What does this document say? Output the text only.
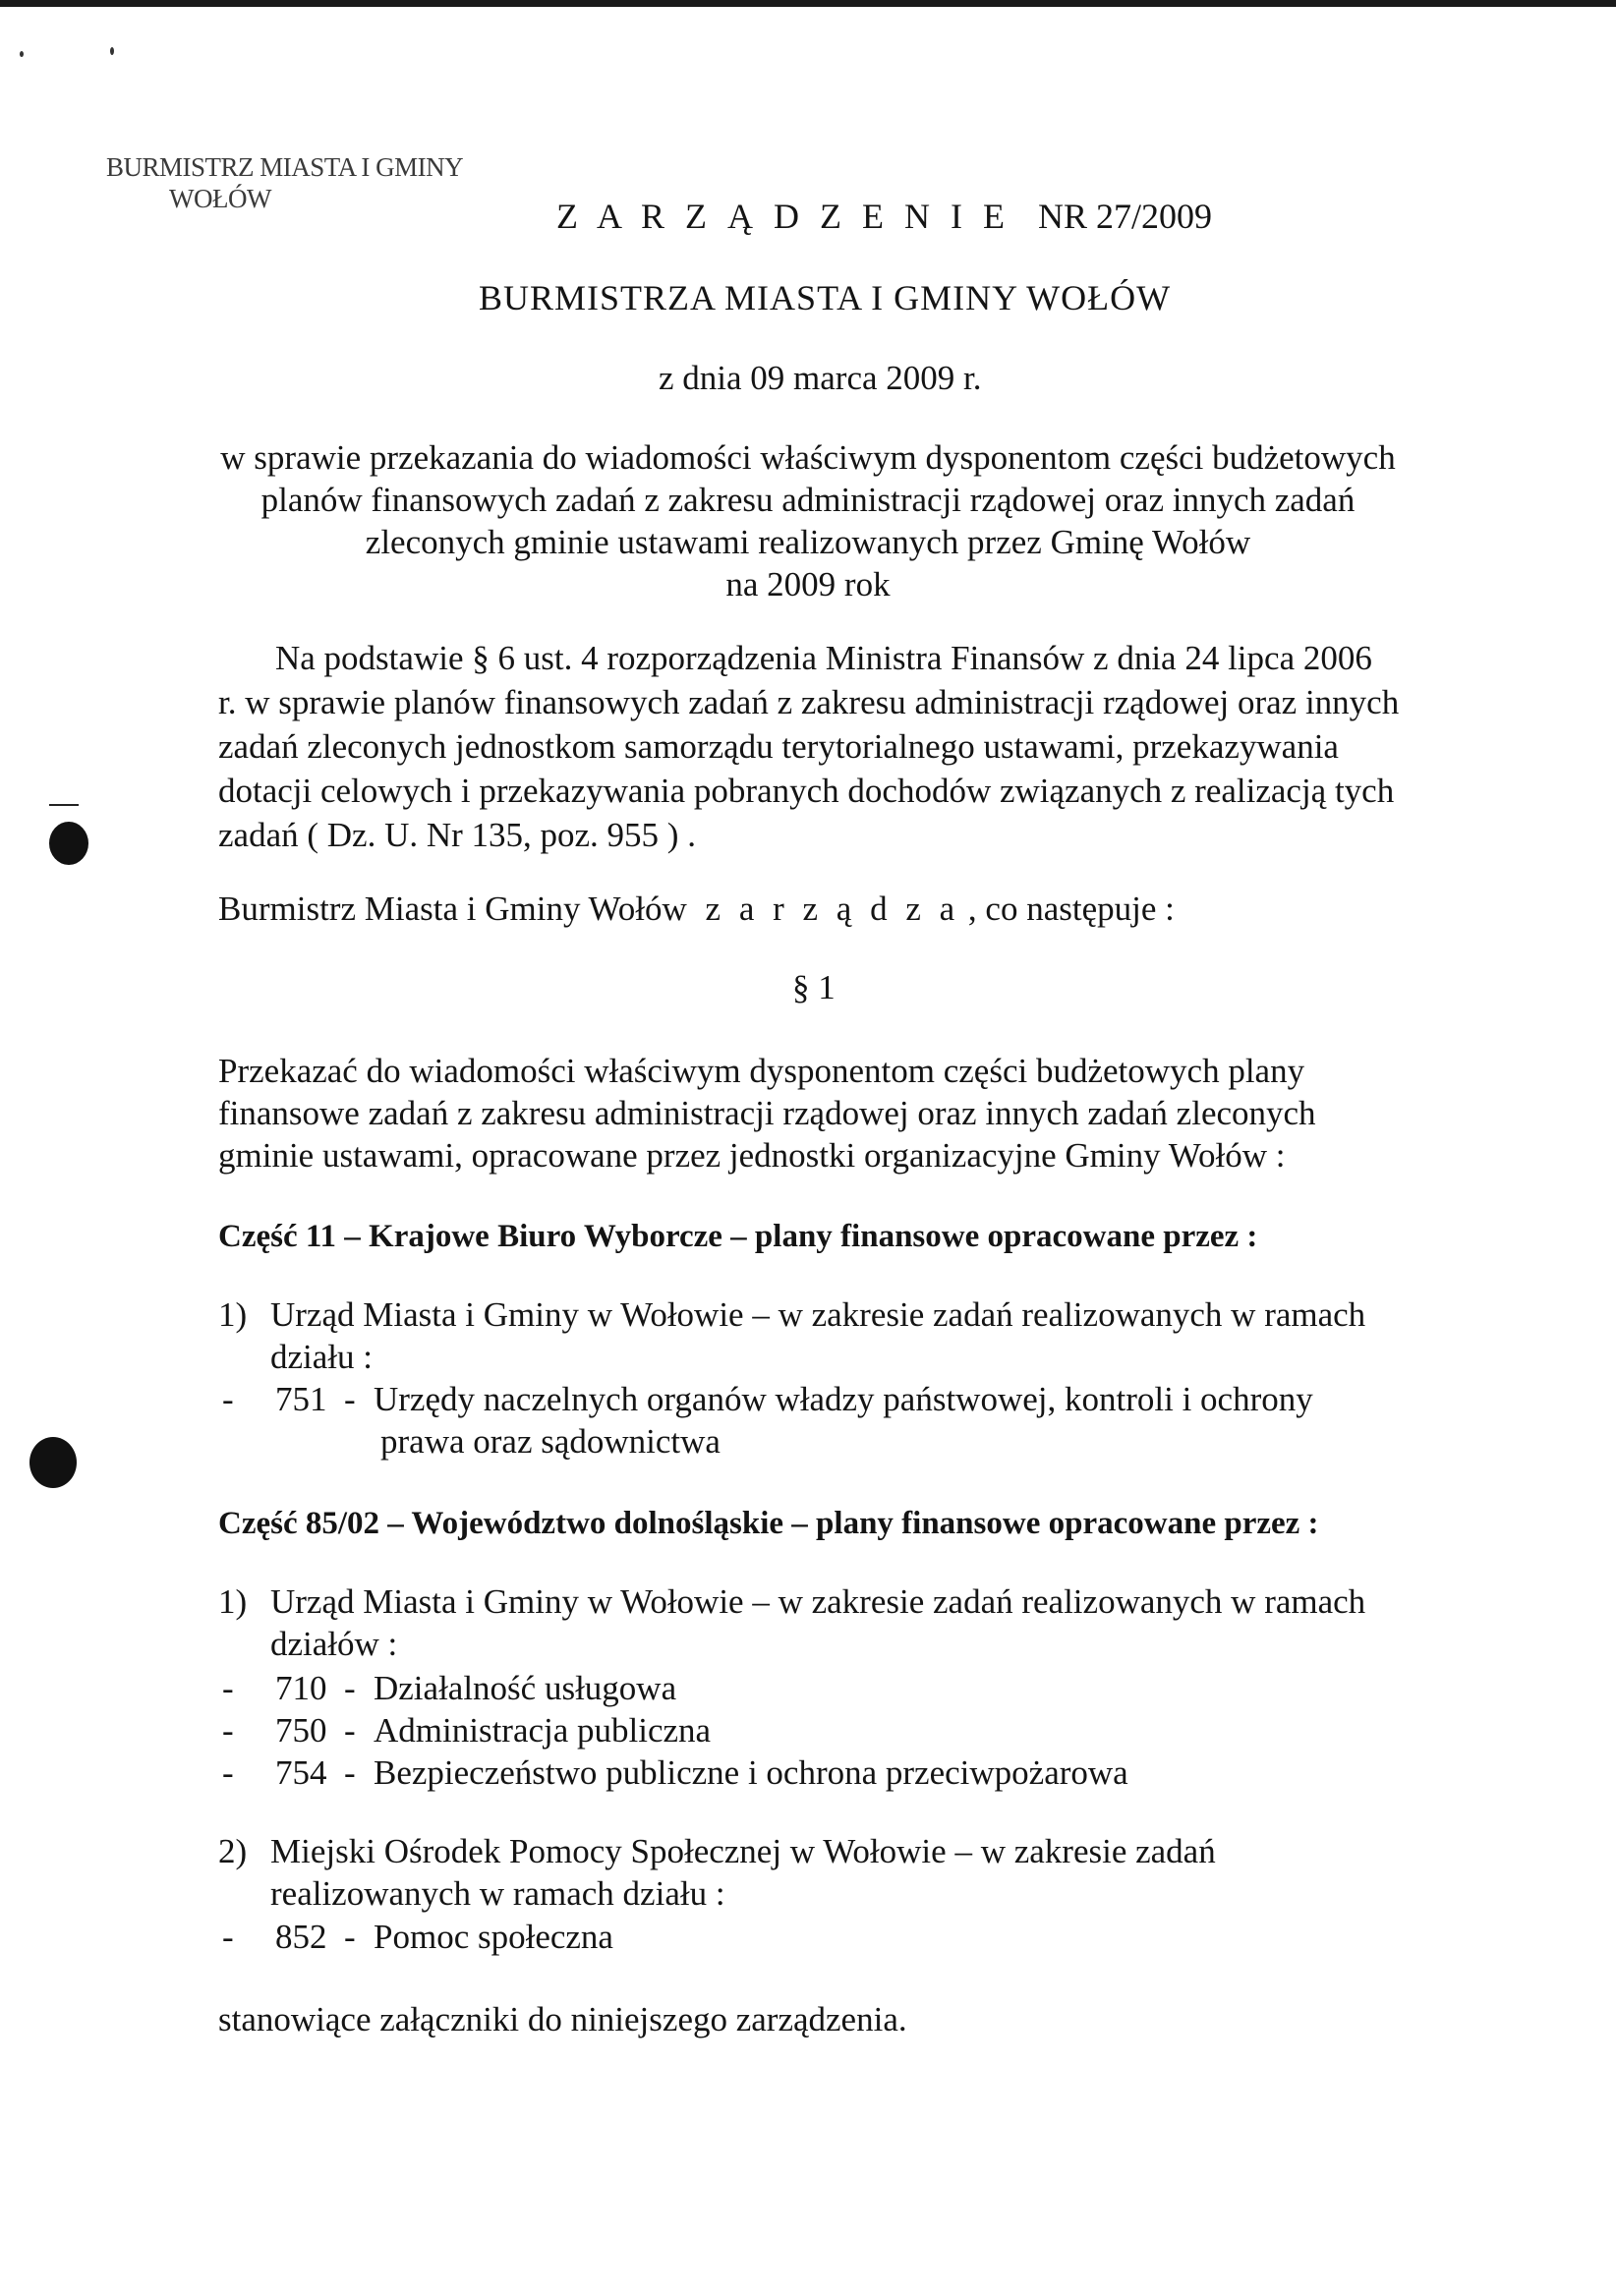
BURMISTRZ MIASTA I GMINY
WOŁÓW	Z A R Z Ą D Z E N I E NR 27/2009
BURMISTRZA MIASTA I GMINY WOŁÓW
z dnia 09 marca 2009 r.
w sprawie przekazania do wiadomości właściwym dysponentom części budżetowych
planów finansowych zadań z zakresu administracji rządowej oraz innych zadań
zleconych gminie ustawami realizowanych przez Gminę Wołów
na 2009 rok
Na podstawie § 6 ust. 4 rozporządzenia Ministra Finansów z dnia 24 lipca 2006
r. w sprawie planów finansowych zadań z zakresu administracji rządowej oraz innych
zadań zleconych jednostkom samorządu terytorialnego ustawami, przekazywania
dotacji celowych i przekazywania pobranych dochodów związanych z realizacją tych
zadań ( Dz. U. Nr 135, poz. 955 ) .
Burmistrz Miasta i Gminy Wołów z a r z ą d z a , co następuje :
§ 1
Przekazać do wiadomości właściwym dysponentom części budżetowych plany
finansowe zadań z zakresu administracji rządowej oraz innych zadań zleconych
gminie ustawami, opracowane przez jednostki organizacyjne Gminy Wołów :
Część 11 – Krajowe Biuro Wyborcze – plany finansowe opracowane przez :
1) Urząd Miasta i Gminy w Wołowie – w zakresie zadań realizowanych w ramach
działu :
- 751 - Urzędy naczelnych organów władzy państwowej, kontroli i ochrony
prawa oraz sądownictwa
Część 85/02 – Województwo dolnośląskie – plany finansowe opracowane przez :
1) Urząd Miasta i Gminy w Wołowie – w zakresie zadań realizowanych w ramach
działów :
- 710 - Działalność usługowa
- 750 - Administracja publiczna
- 754 - Bezpieczeństwo publiczne i ochrona przeciwpożarowa
2) Miejski Ośrodek Pomocy Społecznej w Wołowie – w zakresie zadań
realizowanych w ramach działu :
- 852 - Pomoc społeczna
stanowiące załączniki do niniejszego zarządzenia.
